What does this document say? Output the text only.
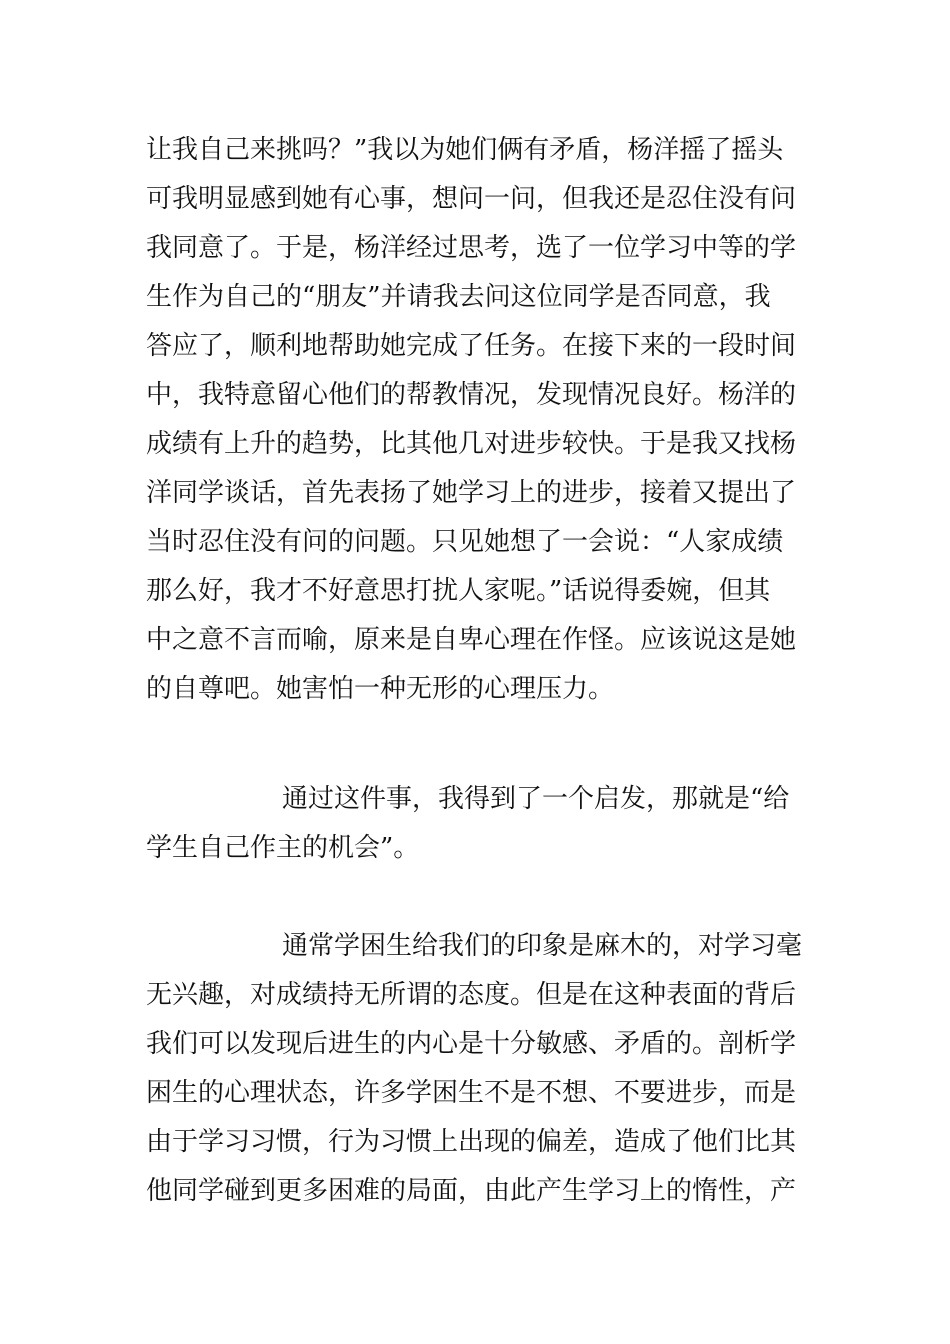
让我自己来挑吗？”我以为她们俩有矛盾，杨洋摇了摇头
可我明显感到她有心事，想问一问，但我还是忍住没有问
我同意了。于是，杨洋经过思考，选了一位学习中等的学
生作为自己的“朋友”并请我去问这位同学是否同意，我
答应了，顺利地帮助她完成了任务。在接下来的一段时间
中，我特意留心他们的帮教情况，发现情况良好。杨洋的
成绩有上升的趋势，比其他几对进步较快。于是我又找杨
洋同学谈话，首先表扬了她学习上的进步，接着又提出了
当时忍住没有问的问题。只见她想了一会说：“人家成绩
那么好，我才不好意思打扰人家呢。”话说得委婉，但其
中之意不言而喻，原来是自卑心理在作怪。应该说这是她
的自尊吧。她害怕一种无形的心理压力。
通过这件事，我得到了一个启发，那就是“给
学生自己作主的机会”。
通常学困生给我们的印象是麻木的，对学习毫
无兴趣，对成绩持无所谓的态度。但是在这种表面的背后
我们可以发现后进生的内心是十分敏感、矛盾的。剖析学
困生的心理状态，许多学困生不是不想、不要进步，而是
由于学习习惯，行为习惯上出现的偏差，造成了他们比其
他同学碰到更多困难的局面，由此产生学习上的惰性，产
